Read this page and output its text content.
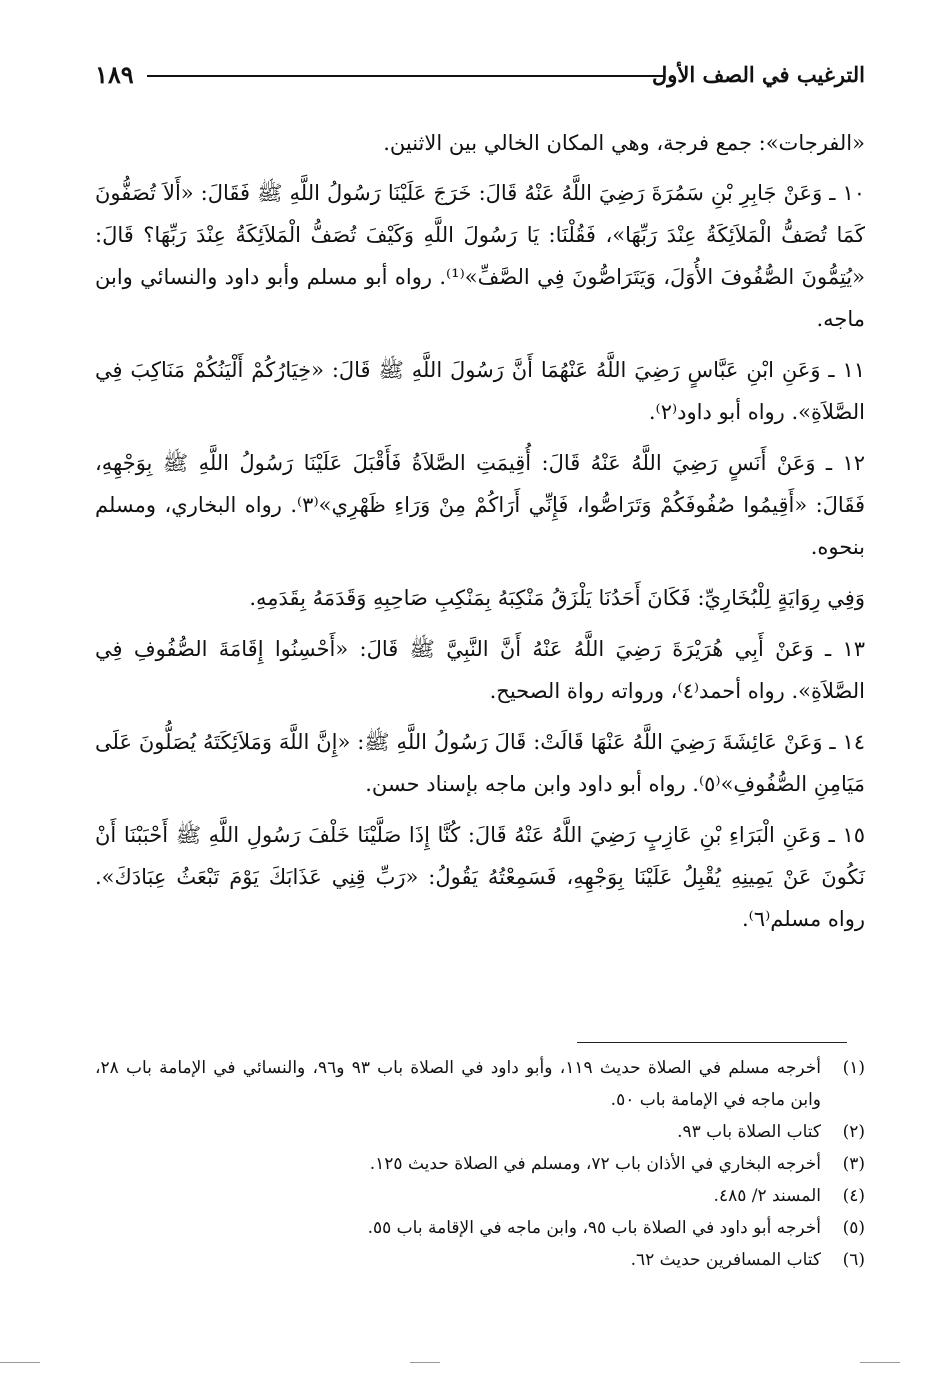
١٨٩	الترغيب في الصف الأول

«الفرجات»: جمع فرجة، وهي المكان الخالي بين الاثنين.

١٠ ـ وَعَنْ جَابِرِ بْنِ سَمُرَةَ رَضِيَ اللَّهُ عَنْهُ قَالَ: خَرَجَ عَلَيْنَا رَسُولُ اللَّهِ ﷺ فَقَالَ: «أَلاَ تُصَفُّونَ كَمَا تُصَفُّ الْمَلاَئِكَةُ عِنْدَ رَبِّهَا»، فَقُلْنَا: يَا رَسُولَ اللَّهِ وَكَيْفَ تُصَفُّ الْمَلاَئِكَةُ عِنْدَ رَبِّهَا؟ قَالَ: «يُتِمُّونَ الصُّفُوفَ الأُوَلَ، وَيَتَرَاصُّونَ فِي الصَّفِّ»⁽¹⁾. رواه أبو مسلم وأبو داود والنسائي وابن ماجه.

١١ ـ وَعَنِ ابْنِ عَبَّاسٍ رَضِيَ اللَّهُ عَنْهُمَا أَنَّ رَسُولَ اللَّهِ ﷺ قَالَ: «خِيَارُكُمْ أَلْيَنُكُمْ مَنَاكِبَ فِي الصَّلاَةِ». رواه أبو داود⁽٢⁾.

١٢ ـ وَعَنْ أَنَسٍ رَضِيَ اللَّهُ عَنْهُ قَالَ: أُقِيمَتِ الصَّلاَةُ فَأَقْبَلَ عَلَيْنَا رَسُولُ اللَّهِ ﷺ بِوَجْهِهِ، فَقَالَ: «أَقِيمُوا صُفُوفَكُمْ وَتَرَاصُّوا، فَإِنِّي أَرَاكُمْ مِنْ وَرَاءِ ظَهْرِي»⁽٣⁾. رواه البخاري، ومسلم بنحوه.

وَفِي رِوَايَةٍ لِلْبُخَارِيِّ: فَكَانَ أَحَدُنَا يَلْزَقُ مَنْكِبَهُ بِمَنْكِبِ صَاحِبِهِ وَقَدَمَهُ بِقَدَمِهِ.

١٣ ـ وَعَنْ أَبِي هُرَيْرَةَ رَضِيَ اللَّهُ عَنْهُ أَنَّ النَّبِيَّ ﷺ قَالَ: «أَحْسِنُوا إِقَامَةَ الصُّفُوفِ فِي الصَّلاَةِ». رواه أحمد⁽٤⁾، ورواته رواة الصحيح.

١٤ ـ وَعَنْ عَائِشَةَ رَضِيَ اللَّهُ عَنْهَا قَالَتْ: قَالَ رَسُولُ اللَّهِ ﷺ: «إِنَّ اللَّهَ وَمَلاَئِكَتَهُ يُصَلُّونَ عَلَى مَيَامِنِ الصُّفُوفِ»⁽٥⁾. رواه أبو داود وابن ماجه بإسناد حسن.

١٥ ـ وَعَنِ الْبَرَاءِ بْنِ عَازِبٍ رَضِيَ اللَّهُ عَنْهُ قَالَ: كُنَّا إِذَا صَلَّيْنَا خَلْفَ رَسُولِ اللَّهِ ﷺ أَحْبَبْنَا أَنْ نَكُونَ عَنْ يَمِينِهِ يُقْبِلُ عَلَيْنَا بِوَجْهِهِ، فَسَمِعْتُهُ يَقُولُ: «رَبِّ قِنِي عَذَابَكَ يَوْمَ تَبْعَثُ عِبَادَكَ». رواه مسلم⁽٦⁾.

(١)
أخرجه مسلم في الصلاة حديث ١١٩، وأبو داود في الصلاة باب ٩٣ و٩٦، والنسائي في الإمامة باب ٢٨، وابن ماجه في الإمامة باب ٥٠.
(٢)
كتاب الصلاة باب ٩٣.
(٣)
أخرجه البخاري في الأذان باب ٧٢، ومسلم في الصلاة حديث ١٢٥.
(٤)
المسند ٢/ ٤٨٥.
(٥)
أخرجه أبو داود في الصلاة باب ٩٥، وابن ماجه في الإقامة باب ٥٥.
(٦)
كتاب المسافرين حديث ٦٢.
